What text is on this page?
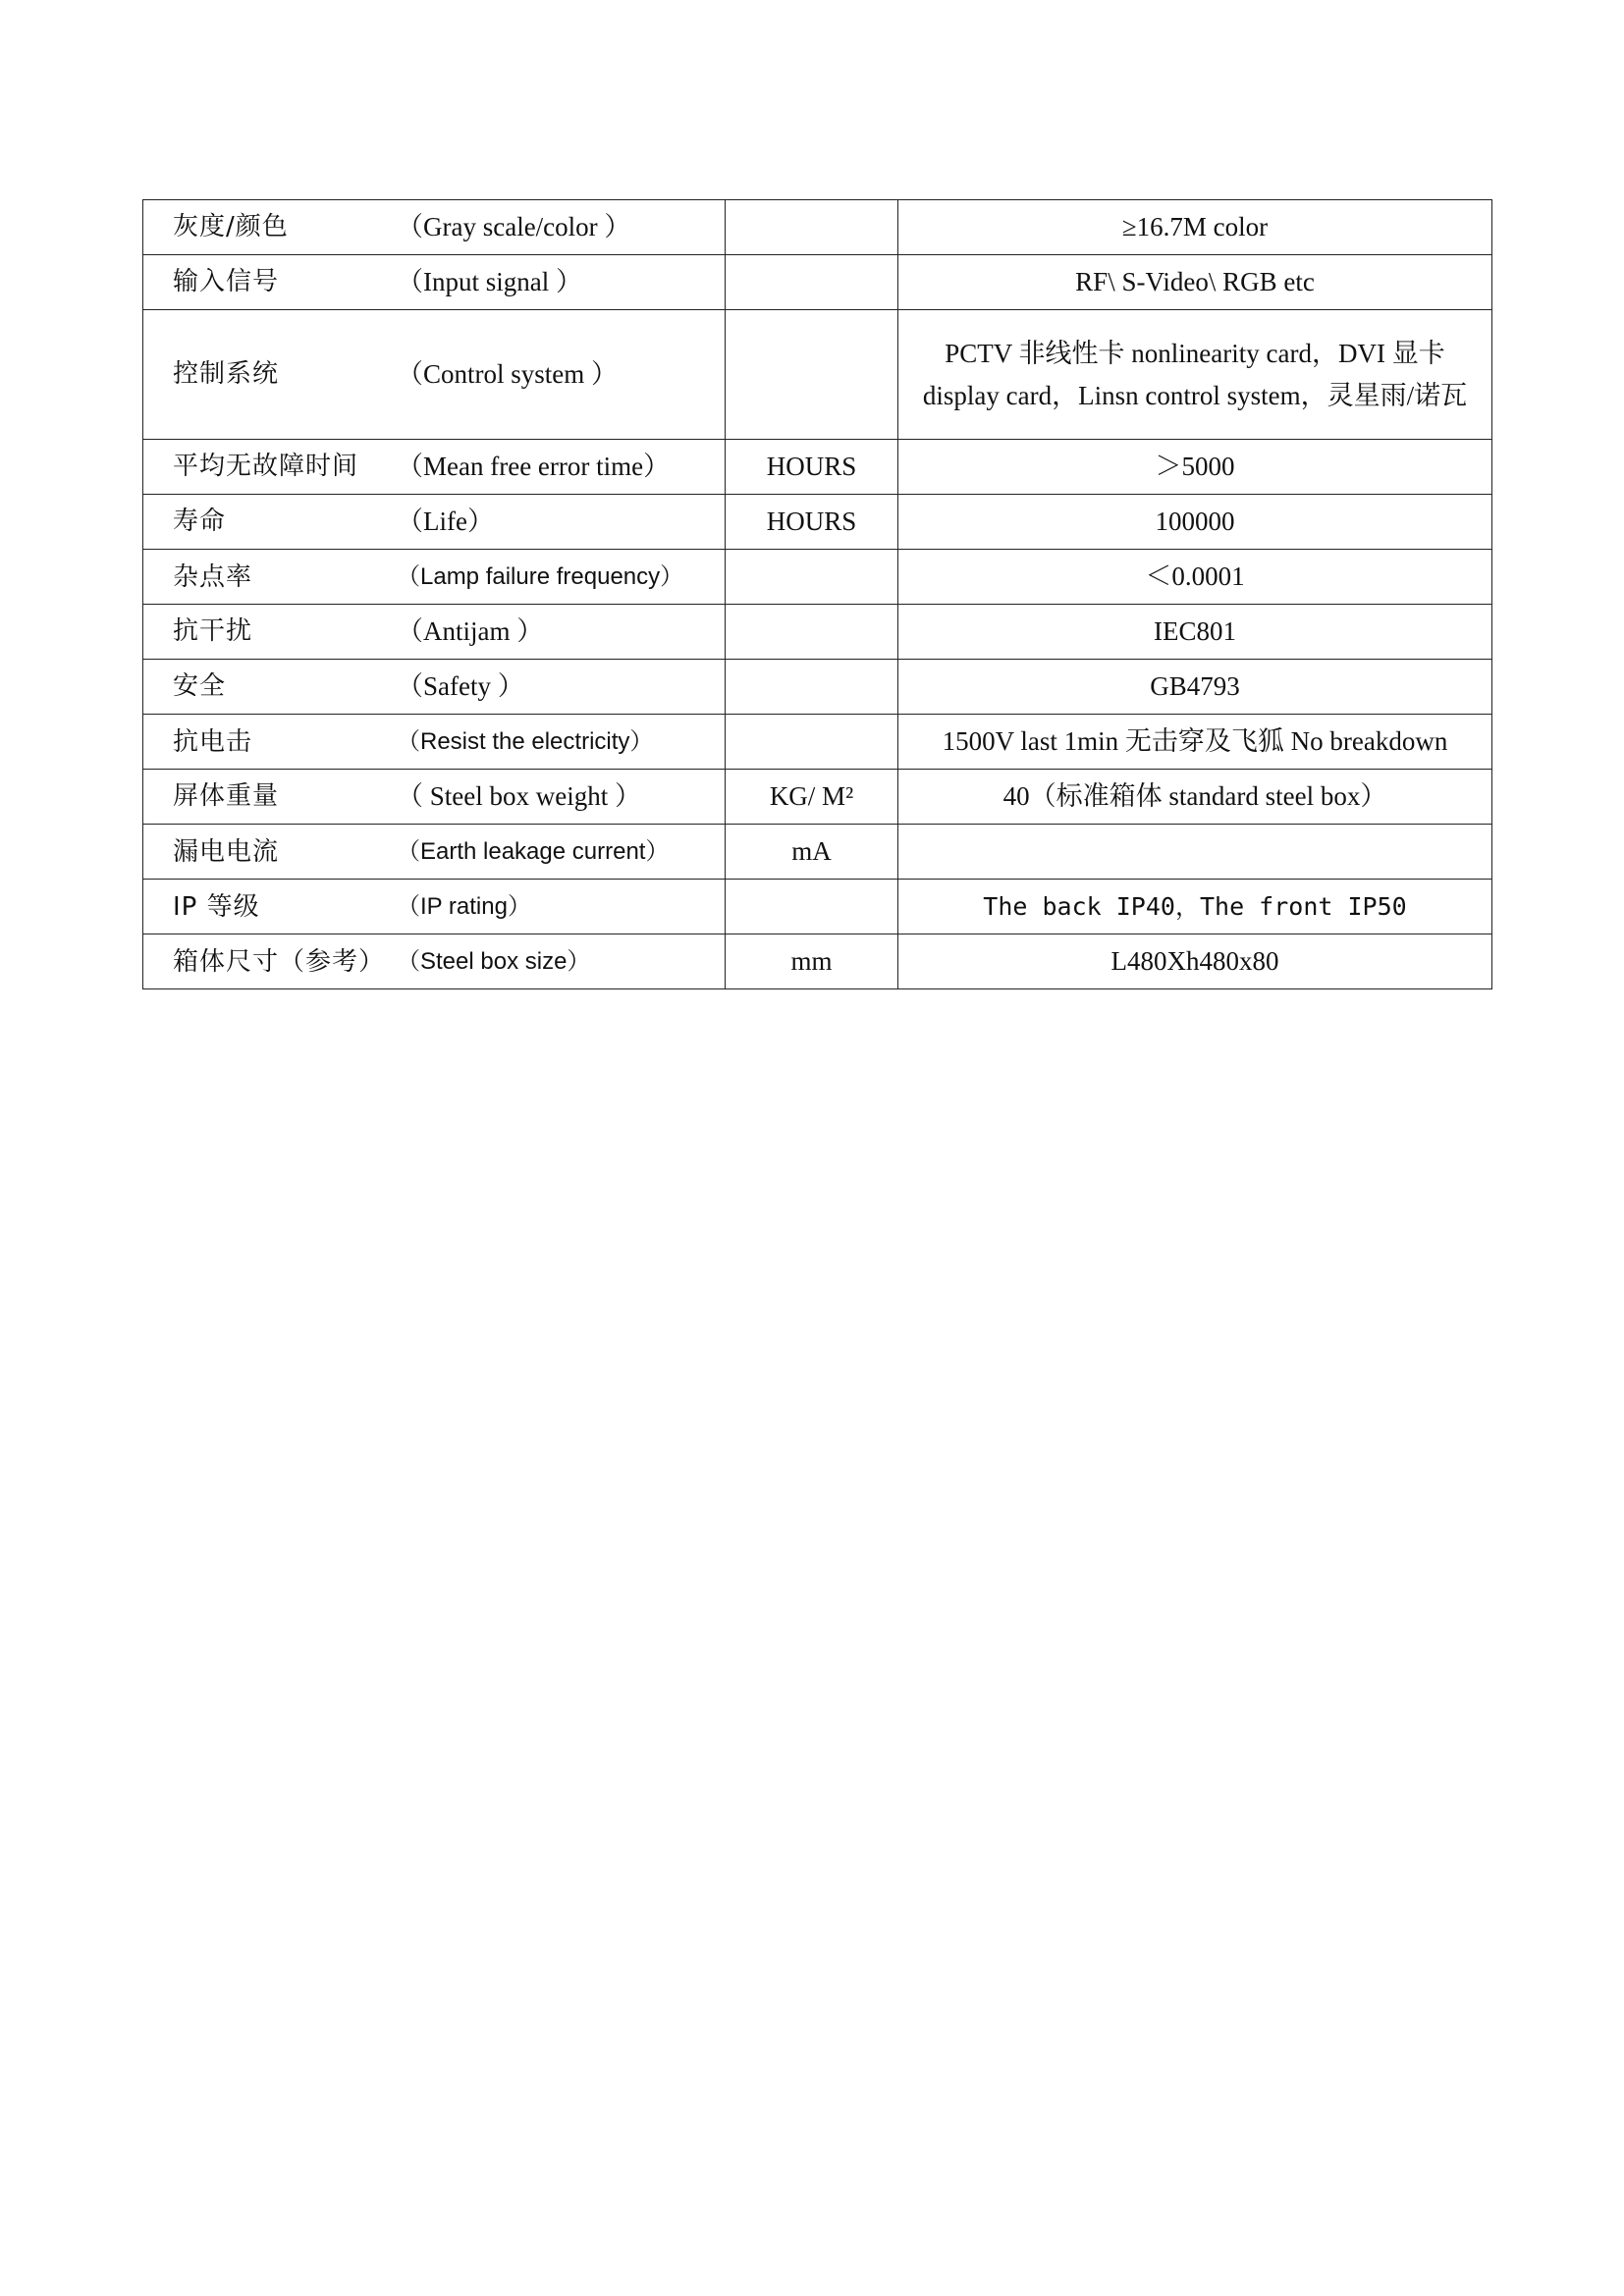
灰度/颜色 （Gray scale/color ）		≥16.7M color
输入信号 （Input signal ）		RF\ S-Video\ RGB etc
控制系统 （Control system ）		PCTV 非线性卡 nonlinearity card，DVI 显卡 display card，Linsn control system，灵星雨/诺瓦
平均无故障时间 （Mean free error time）	HOURS	＞5000
寿命 （Life）	HOURS	100000
杂点率 （Lamp failure frequency）		＜0.0001
抗干扰 （Antijam ）		IEC801
安全 （Safety ）		GB4793
抗电击 （Resist the electricity）		1500V last 1min 无击穿及飞狐 No breakdown
屏体重量 （ Steel box weight ）	KG/ M²	40（标准箱体 standard steel box）
漏电电流 （Earth leakage current）	mA	
IP 等级 （IP rating）		The back IP40，The front IP50
箱体尺寸（参考） （Steel box size）	mm	L480Xh480x80
